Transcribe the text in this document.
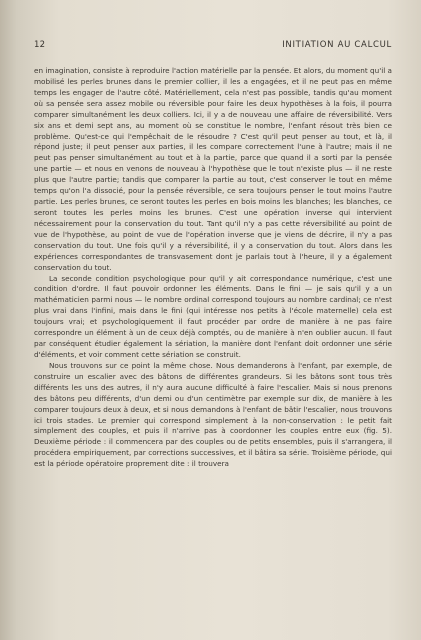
12	INITIATION AU CALCUL

en imagination, consiste à reproduire l'action matérielle par la pensée. Et alors, du moment qu'il a mobilisé les perles brunes dans le premier collier, il les a engagées, et il ne peut pas en même temps les engager de l'autre côté. Matériellement, cela n'est pas possible, tandis qu'au moment où sa pensée sera assez mobile ou réversible pour faire les deux hypothèses à la fois, il pourra comparer simultanément les deux colliers. Ici, il y a de nouveau une affaire de réversibilité. Vers six ans et demi sept ans, au moment où se constitue le nombre, l'enfant résout très bien ce problème. Qu'est-ce qui l'empêchait de le résoudre ? C'est qu'il peut penser au tout, et là, il répond juste; il peut penser aux parties, il les compare correctement l'une à l'autre; mais il ne peut pas penser simultanément au tout et à la partie, parce que quand il a sorti par la pensée une partie — et nous en venons de nouveau à l'hypothèse que le tout n'existe plus — il ne reste plus que l'autre partie; tandis que comparer la partie au tout, c'est conserver le tout en même temps qu'on l'a dissocié, pour la pensée réversible, ce sera toujours penser le tout moins l'autre partie. Les perles brunes, ce seront toutes les perles en bois moins les blanches; les blanches, ce seront toutes les perles moins les brunes. C'est une opération inverse qui intervient nécessairement pour la conservation du tout. Tant qu'il n'y a pas cette réversibilité au point de vue de l'hypothèse, au point de vue de l'opération inverse que je viens de décrire, il n'y a pas conservation du tout. Une fois qu'il y a réversibilité, il y a conservation du tout. Alors dans les expériences correspondantes de transvasement dont je parlais tout à l'heure, il y a également conservation du tout.

La seconde condition psychologique pour qu'il y ait correspondance numérique, c'est une condition d'ordre. Il faut pouvoir ordonner les éléments. Dans le fini — je sais qu'il y a un mathématicien parmi nous — le nombre ordinal correspond toujours au nombre cardinal; ce n'est plus vrai dans l'infini, mais dans le fini (qui intéresse nos petits à l'école maternelle) cela est toujours vrai; et psychologiquement il faut procéder par ordre de manière à ne pas faire correspondre un élément à un de ceux déjà comptés, ou de manière à n'en oublier aucun. Il faut par conséquent étudier également la sériation, la manière dont l'enfant doit ordonner une série d'éléments, et voir comment cette sériation se construit.

Nous trouvons sur ce point la même chose. Nous demanderons à l'enfant, par exemple, de construire un escalier avec des bâtons de différentes grandeurs. Si les bâtons sont tous très différents les uns des autres, il n'y aura aucune difficulté à faire l'escalier. Mais si nous prenons des bâtons peu différents, d'un demi ou d'un centimètre par exemple sur dix, de manière à les comparer toujours deux à deux, et si nous demandons à l'enfant de bâtir l'escalier, nous trouvons ici trois stades. Le premier qui correspond simplement à la non-conservation : le petit fait simplement des couples, et puis il n'arrive pas à coordonner les couples entre eux (fig. 5). Deuxième période : il commencera par des couples ou de petits ensembles, puis il s'arrangera, il procédera empiriquement, par corrections successives, et il bâtira sa série. Troisième période, qui est la période opératoire proprement dite : il trouvera
